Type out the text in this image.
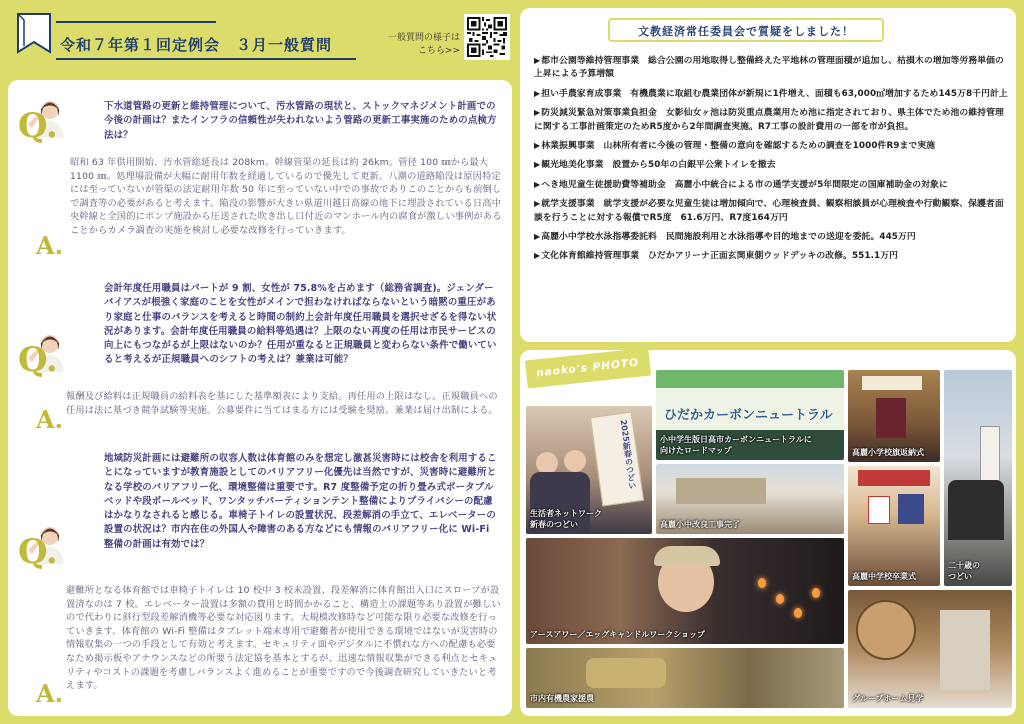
令和７年第１回定例会　３月一般質問	一般質問の様子は
こちら>>
Q.	下水道管路の更新と維持管理について、汚水管路の現状と、ストックマネジメント計画での今後の計画は？またインフラの信頼性が失われないよう管路の更新工事実施のための点検方法は？
A.
昭和 63 年供用開始、汚水管総延長は 208km。幹線管渠の延長は約 26km。管径 100 ㎜から最大 1100 ㎜。処理場設備が大幅に耐用年数を経過しているので優先して更新。八潮の道路陥没は原因特定には至っていないが管渠の法定耐用年数 50 年に至っていない中での事故でありこのことからも前倒しで調査等の必要があると考えます。陥没の影響が大きい県道川越日高線の地下に埋設されている日高中央幹線と全国的にポンプ施設から圧送された吹き出し口付近のマンホール内の腐食が激しい事例があることからカメラ調査の実施を検討し必要な改修を行っていきます。
Q.
会計年度任用職員はパートが 9 割、女性が 75.8%を占めます（総務省調査)。ジェンダーバイアスが根強く家庭のことを女性がメインで担わなければならないという暗黙の重圧があり家庭と仕事のバランスを考えると時間の制約上会計年度任用職員を選択せざるを得ない状況があります。会計年度任用職員の給料等処遇は？上限のない再度の任用は市民サービスの向上にもつながるが上限はないのか？任用が重なると正規職員と変わらない条件で働いていると考えるが正規職員へのシフトの考えは？兼業は可能？
A.
報酬及び給料は正規職員の給料表を基にした基準額表により支給。再任用の上限はなし。正規職員への任用は法に基づき競争試験等実施。公募要件に当てはまる方には受験を奨励。兼業は届け出制による。
Q.
地域防災計画には避難所の収容人数は体育館のみを想定し激甚災害時には校舎を利用することになっていますが教育施設としてのバリアフリー化優先は当然ですが、災害時に避難所となる学校のバリアフリー化、環境整備は重要です。R7 度整備予定の折り畳み式ポータブルベッドや段ボールベッド、ワンタッチパーティションテント整備によりプライバシーの配慮はかなりなされると感じる。車椅子トイレの設置状況、段差解消の手立て、エレベーターの設置の状況は？市内在住の外国人や障害のある方などにも情報のバリアフリー化に Wi-Fi 整備の計画は有効では？
A.
避難所となる体育館では車椅子トイレは 10 校中 3 校未設置、段差解消に体育館出入口にスロープが設置済なのは 7 校。エレベーター設置は多額の費用と時間かかること、構造上の課題等あり設置が難しいので代わりに斜行型段差解消機等必要な対応図ります。大規模改修時など可能な限り必要な改修を行っていきます。体育館の Wi-Fi 整備はタブレット端末専用で避難者が使用できる環境ではないが災害時の情報収集の一つの手段として有効と考えます。セキュリティ面やデジタルに不慣れな方への配慮も必要なため掲示板やアナウンスなどの所要う法定協を基本とするが、迅速な情報収集ができる利点とセキュリティやコストの課題を考慮しバランスよく進めることが重要ですので今後調査研究していきたいと考えます。
文教経済常任委員会で質疑をしました！
▶都市公園等維持管理事業　総合公園の用地取得し整備終えた平地林の管理面積が追加し、枯損木の増加等労務単価の上昇による予算増額
▶担い手農家育成事業　有機農業に取組む農業団体が新規に1件増え、面積も63,000㎡増加するため145万8千円計上
▶防災減災緊急対策事業負担金　女影仙女ヶ池は防災重点農業用ため池に指定されており、県主体でため池の維持管理に関する工事計画策定のためR5度から2年間調査実施。R7工事の設計費用の一部を市が負担。
▶林業振興事業　山林所有者に今後の管理・整備の意向を確認するための調査を1000件R9まで実施
▶観光地美化事業　設置から50年の白銀平公衆トイレを撤去
▶へき地児童生徒援助費等補助金　高麗小中統合による市の通学支援が5年間限定の国庫補助金の対象に
▶就学支援事業　就学支援が必要な児童生徒は増加傾向で、心理検査員、観察相談員が心理検査や行動観察、保護者面談を行うことに対する報償でR5度　61.6万円、R7度164万円
▶高麗小中学校水泳指導委託料　民間施設利用と水泳指導や目的地までの送迎を委託。445万円
▶文化体育館維持管理事業　ひだかアリーナ正面玄関東側ウッドデッキの改修。551.1万円
naoko's PHOTO
2025新春のつどい
生活者ネットワーク
新春のつどい
ひだかカーボンニュートラル
小中学生版日高市カーボンニュートラルに
向けたロードマップ	高麗小学校旗返納式
二十歳の
つどい
高麗小中改良工事完了
高麗中学校卒業式
アースアワー／エッグキャンドルワークショップ
グループホーム見学
市内有機農家援農
